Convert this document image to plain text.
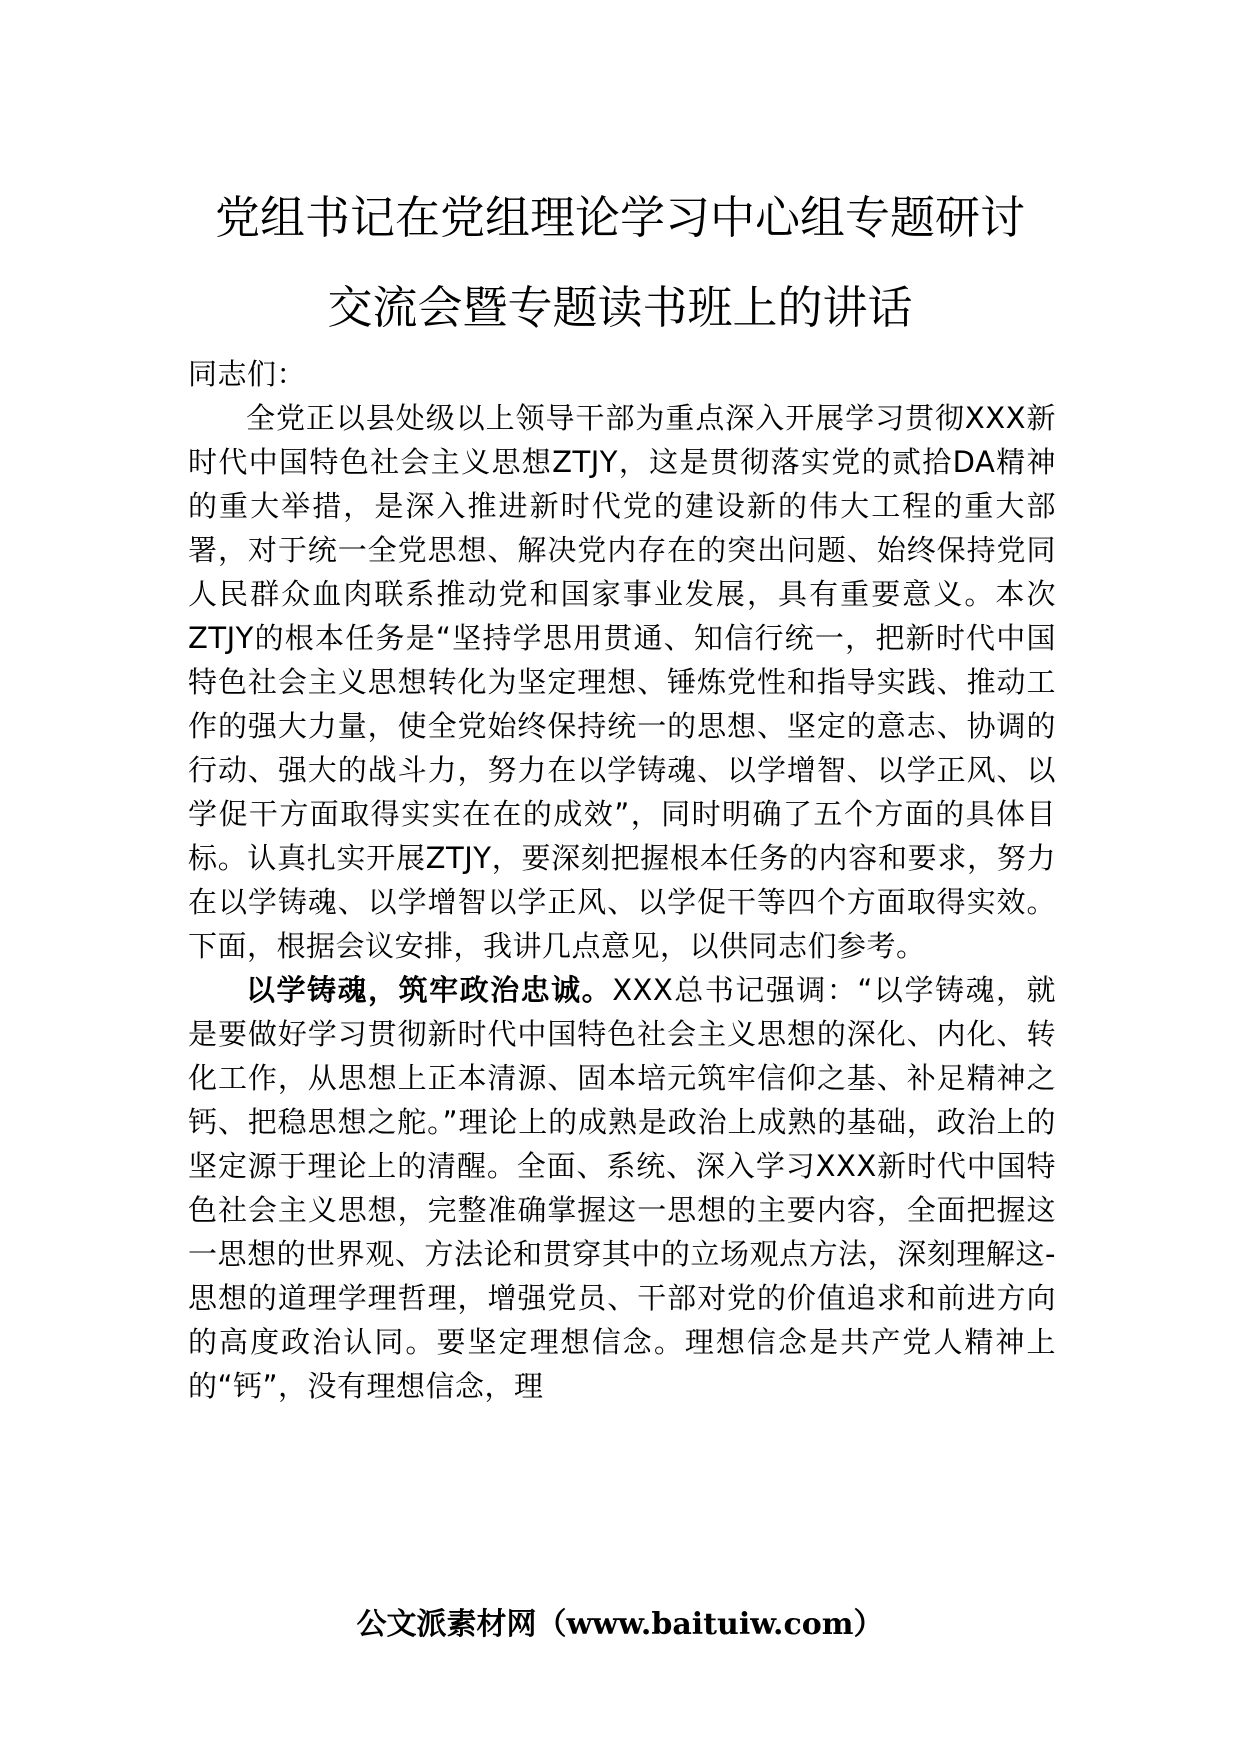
党组书记在党组理论学习中心组专题研讨
交流会暨专题读书班上的讲话

同志们：

全党正以县处级以上领导干部为重点深入开展学习贯彻XXX新时代中国特色社会主义思想ZTJY，这是贯彻落实党的贰拾DA精神的重大举措，是深入推进新时代党的建设新的伟大工程的重大部署，对于统一全党思想、解决党内存在的突出问题、始终保持党同人民群众血肉联系推动党和国家事业发展，具有重要意义。本次ZTJY的根本任务是“坚持学思用贯通、知信行统一，把新时代中国特色社会主义思想转化为坚定理想、锤炼党性和指导实践、推动工作的强大力量，使全党始终保持统一的思想、坚定的意志、协调的行动、强大的战斗力，努力在以学铸魂、以学增智、以学正风、以学促干方面取得实实在在的成效”，同时明确了五个方面的具体目标。认真扎实开展ZTJY，要深刻把握根本任务的内容和要求，努力在以学铸魂、以学增智以学正风、以学促干等四个方面取得实效。下面，根据会议安排，我讲几点意见，以供同志们参考。

以学铸魂，筑牢政治忠诚。XXX总书记强调：“以学铸魂，就是要做好学习贯彻新时代中国特色社会主义思想的深化、内化、转化工作，从思想上正本清源、固本培元筑牢信仰之基、补足精神之钙、把稳思想之舵。”理论上的成熟是政治上成熟的基础，政治上的坚定源于理论上的清醒。全面、系统、深入学习XXX新时代中国特色社会主义思想，完整准确掌握这一思想的主要内容，全面把握这一思想的世界观、方法论和贯穿其中的立场观点方法，深刻理解这-思想的道理学理哲理，增强党员、干部对党的价值追求和前进方向的高度政治认同。要坚定理想信念。理想信念是共产党人精神上的“钙”，没有理想信念，理

公文派素材网（www.baituiw.com）
